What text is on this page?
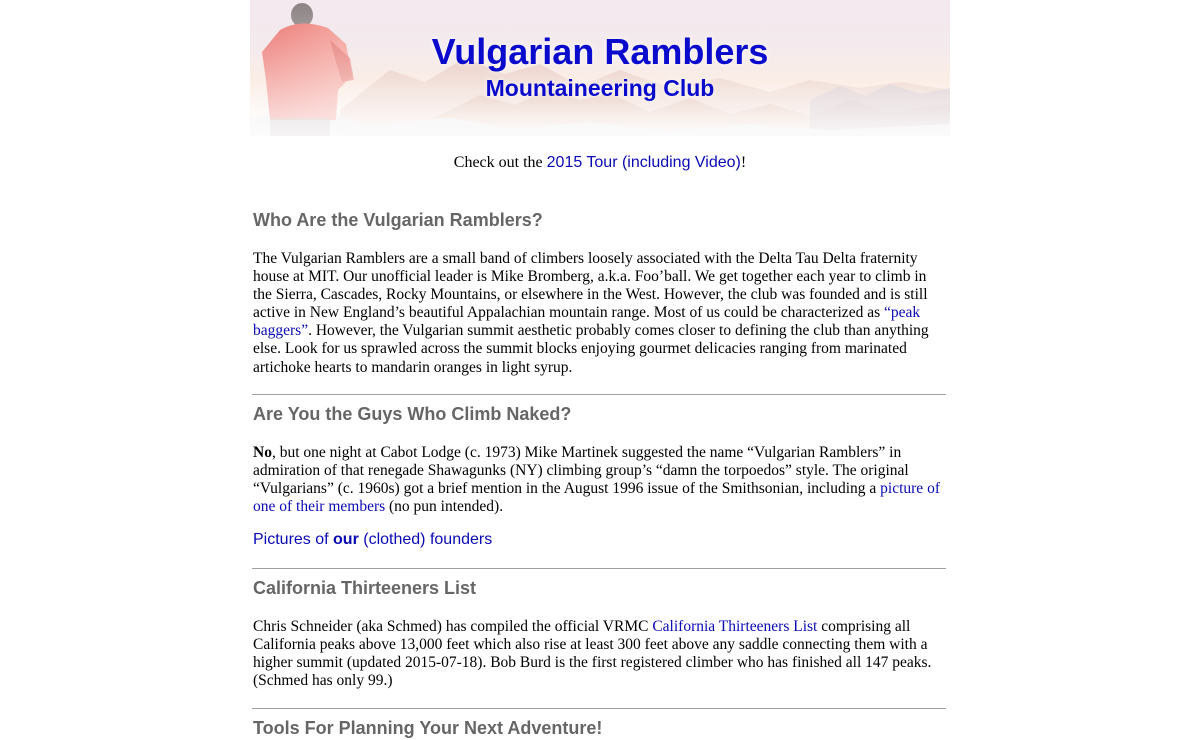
Vulgarian Ramblers
Mountaineering Club
Check out the 2015 Tour (including Video)!
Who Are the Vulgarian Ramblers?

The Vulgarian Ramblers are a small band of climbers loosely associated with the Delta Tau Delta fraternity house at MIT. Our unofficial leader is Mike Bromberg, a.k.a. Foo’ball. We get together each year to climb in the Sierra, Cascades, Rocky Mountains, or elsewhere in the West. However, the club was founded and is still active in New England’s beautiful Appalachian mountain range. Most of us could be characterized as “peak baggers”. However, the Vulgarian summit aesthetic probably comes closer to defining the club than anything else. Look for us sprawled across the summit blocks enjoying gourmet delicacies ranging from marinated artichoke hearts to mandarin oranges in light syrup.

Are You the Guys Who Climb Naked?

No, but one night at Cabot Lodge (c. 1973) Mike Martinek suggested the name “Vulgarian Ramblers” in admiration of that renegade Shawagunks (NY) climbing group’s “damn the torpoedos” style. The original “Vulgarians” (c. 1960s) got a brief mention in the August 1996 issue of the Smithsonian, including a picture of one of their members (no pun intended).

Pictures of our (clothed) founders
California Thirteeners List

Chris Schneider (aka Schmed) has compiled the official VRMC California Thirteeners List comprising all California peaks above 13,000 feet which also rise at least 300 feet above any saddle connecting them with a higher summit (updated 2015-07-18). Bob Burd is the first registered climber who has finished all 147 peaks. (Schmed has only 99.)

Tools For Planning Your Next Adventure!
